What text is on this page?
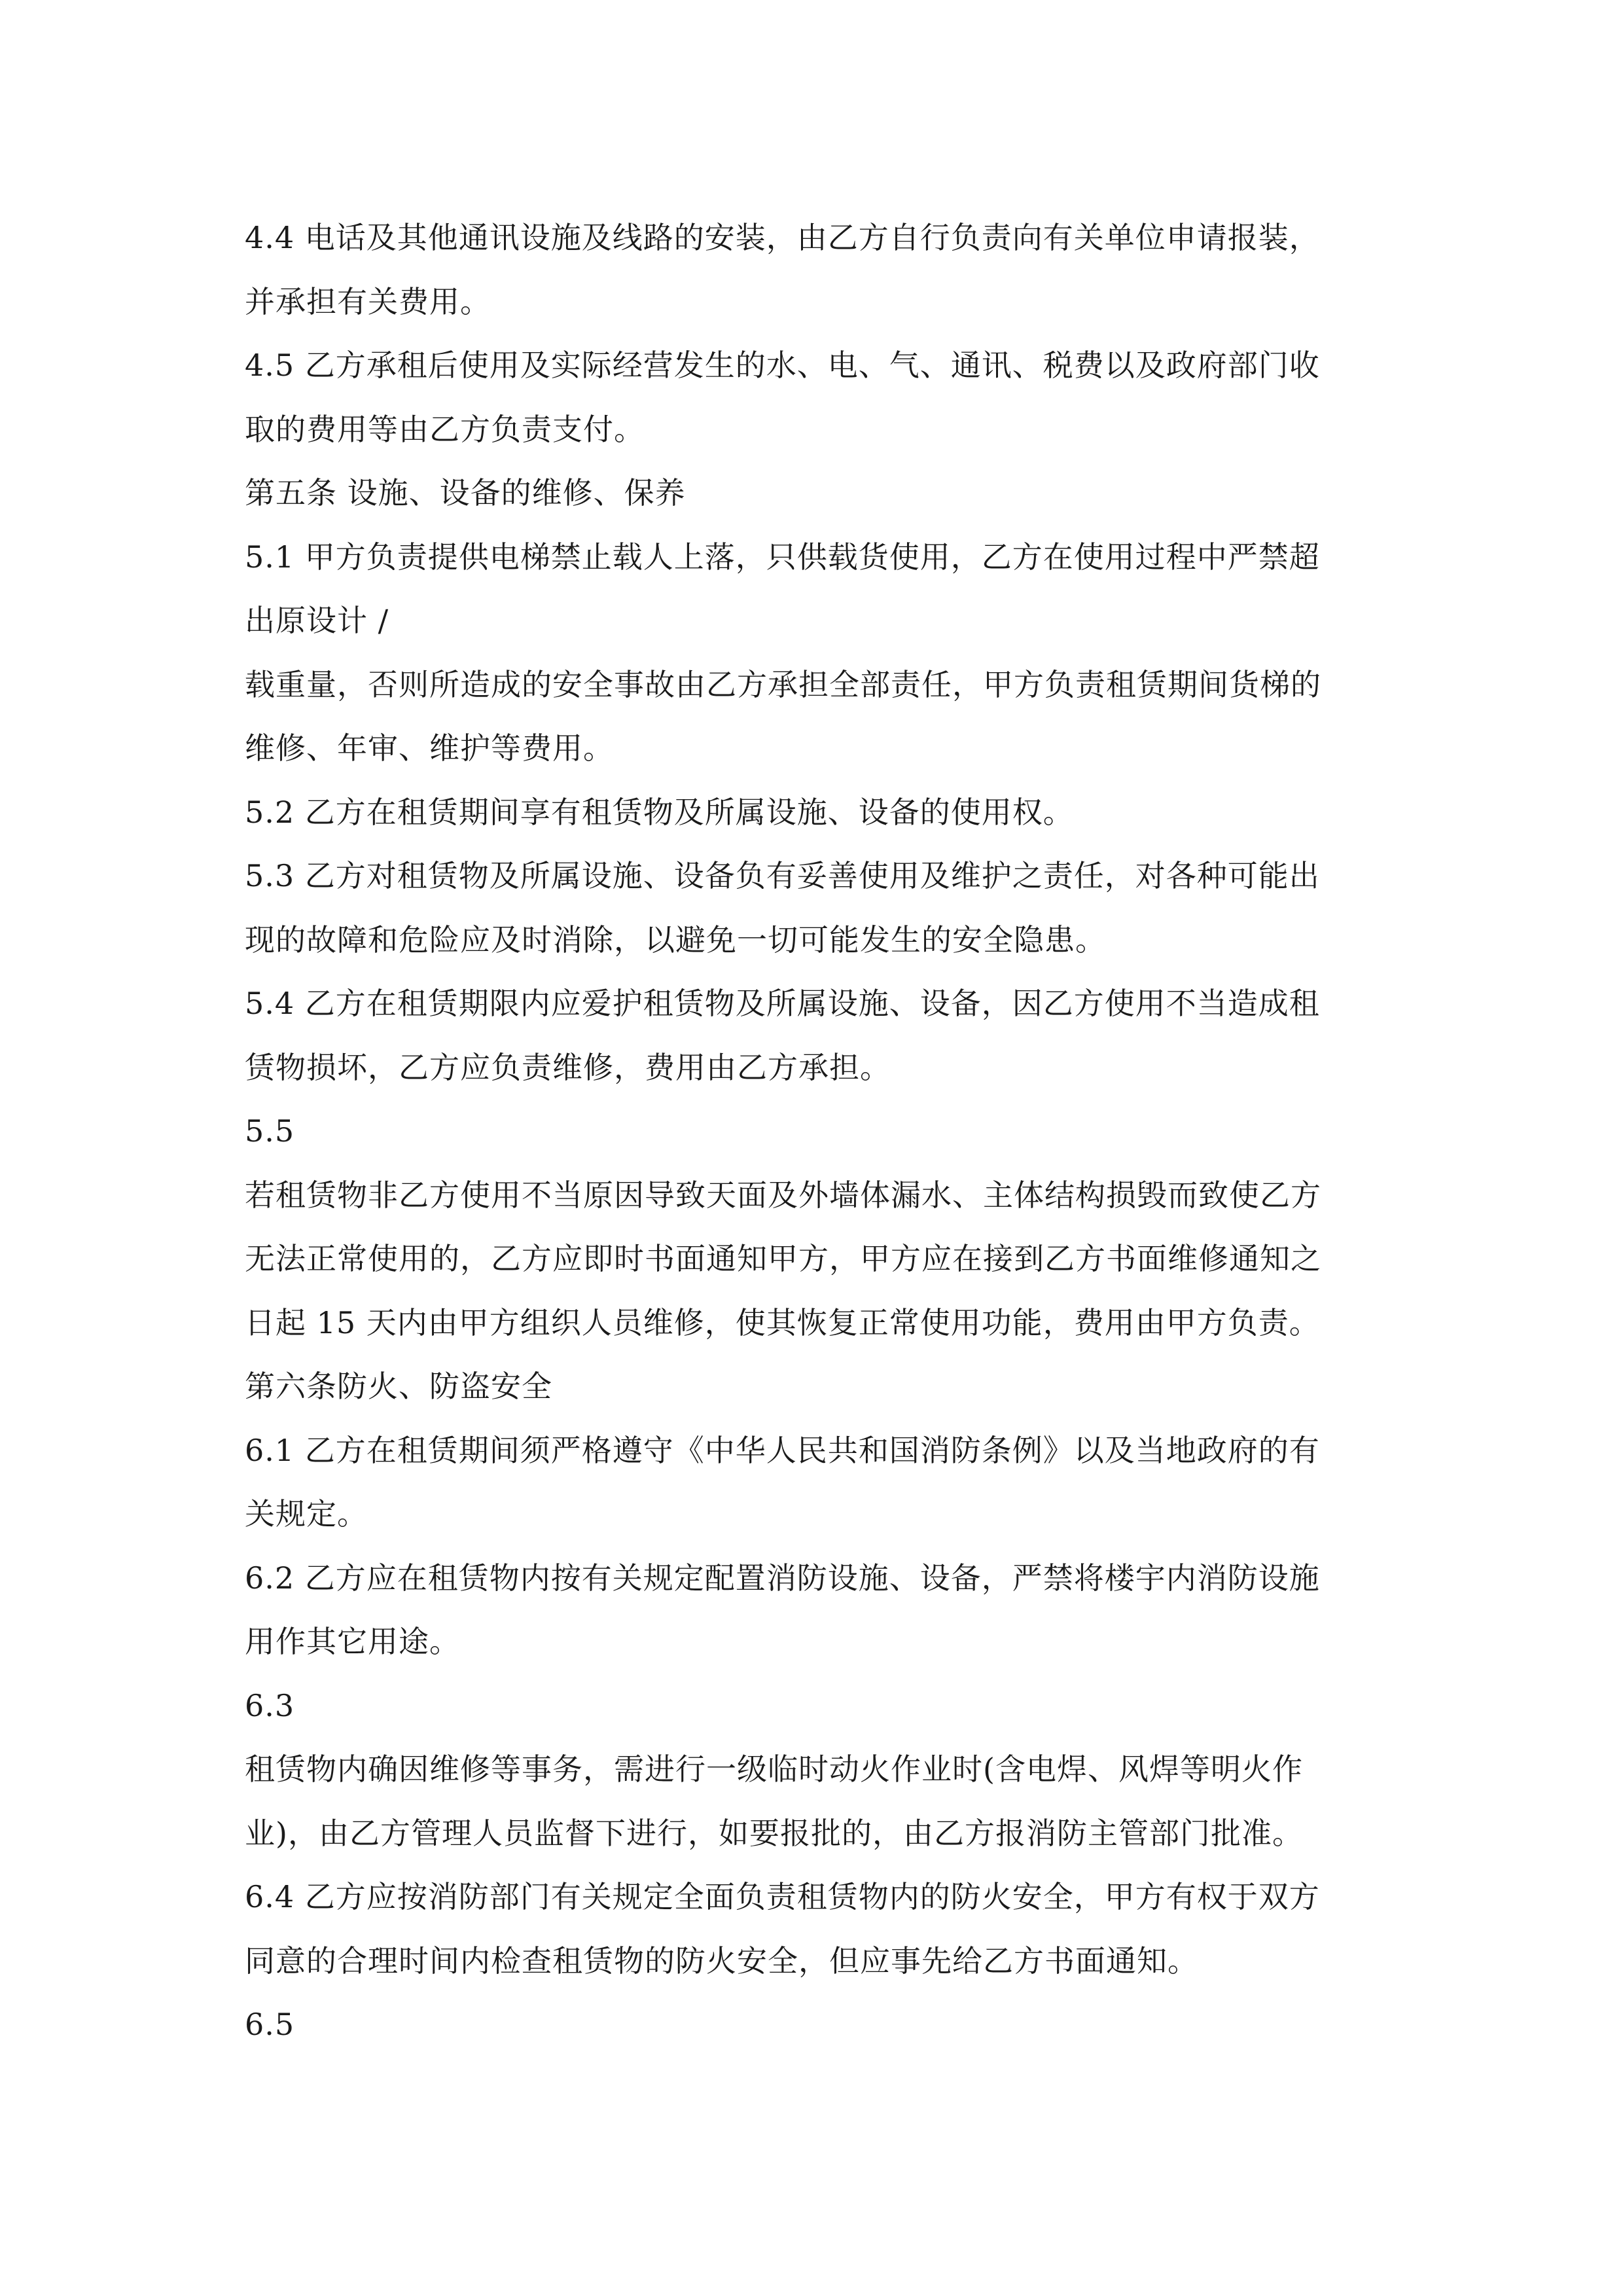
4.4 电话及其他通讯设施及线路的安装，由乙方自行负责向有关单位申请报装，
并承担有关费用。
4.5 乙方承租后使用及实际经营发生的水、电、气、通讯、税费以及政府部门收
取的费用等由乙方负责支付。
第五条 设施、设备的维修、保养
5.1 甲方负责提供电梯禁止载人上落，只供载货使用，乙方在使用过程中严禁超
出原设计 /
载重量，否则所造成的安全事故由乙方承担全部责任，甲方负责租赁期间货梯的
维修、年审、维护等费用。
5.2 乙方在租赁期间享有租赁物及所属设施、设备的使用权。
5.3 乙方对租赁物及所属设施、设备负有妥善使用及维护之责任，对各种可能出
现的故障和危险应及时消除，以避免一切可能发生的安全隐患。
5.4 乙方在租赁期限内应爱护租赁物及所属设施、设备，因乙方使用不当造成租
赁物损坏，乙方应负责维修，费用由乙方承担。
5.5
若租赁物非乙方使用不当原因导致天面及外墙体漏水、主体结构损毁而致使乙方
无法正常使用的，乙方应即时书面通知甲方，甲方应在接到乙方书面维修通知之
日起 15 天内由甲方组织人员维修，使其恢复正常使用功能，费用由甲方负责。
第六条防火、防盗安全
6.1 乙方在租赁期间须严格遵守《中华人民共和国消防条例》以及当地政府的有
关规定。
6.2 乙方应在租赁物内按有关规定配置消防设施、设备，严禁将楼宇内消防设施
用作其它用途。
6.3
租赁物内确因维修等事务，需进行一级临时动火作业时(含电焊、风焊等明火作
业)，由乙方管理人员监督下进行，如要报批的，由乙方报消防主管部门批准。
6.4 乙方应按消防部门有关规定全面负责租赁物内的防火安全，甲方有权于双方
同意的合理时间内检查租赁物的防火安全，但应事先给乙方书面通知。
6.5
